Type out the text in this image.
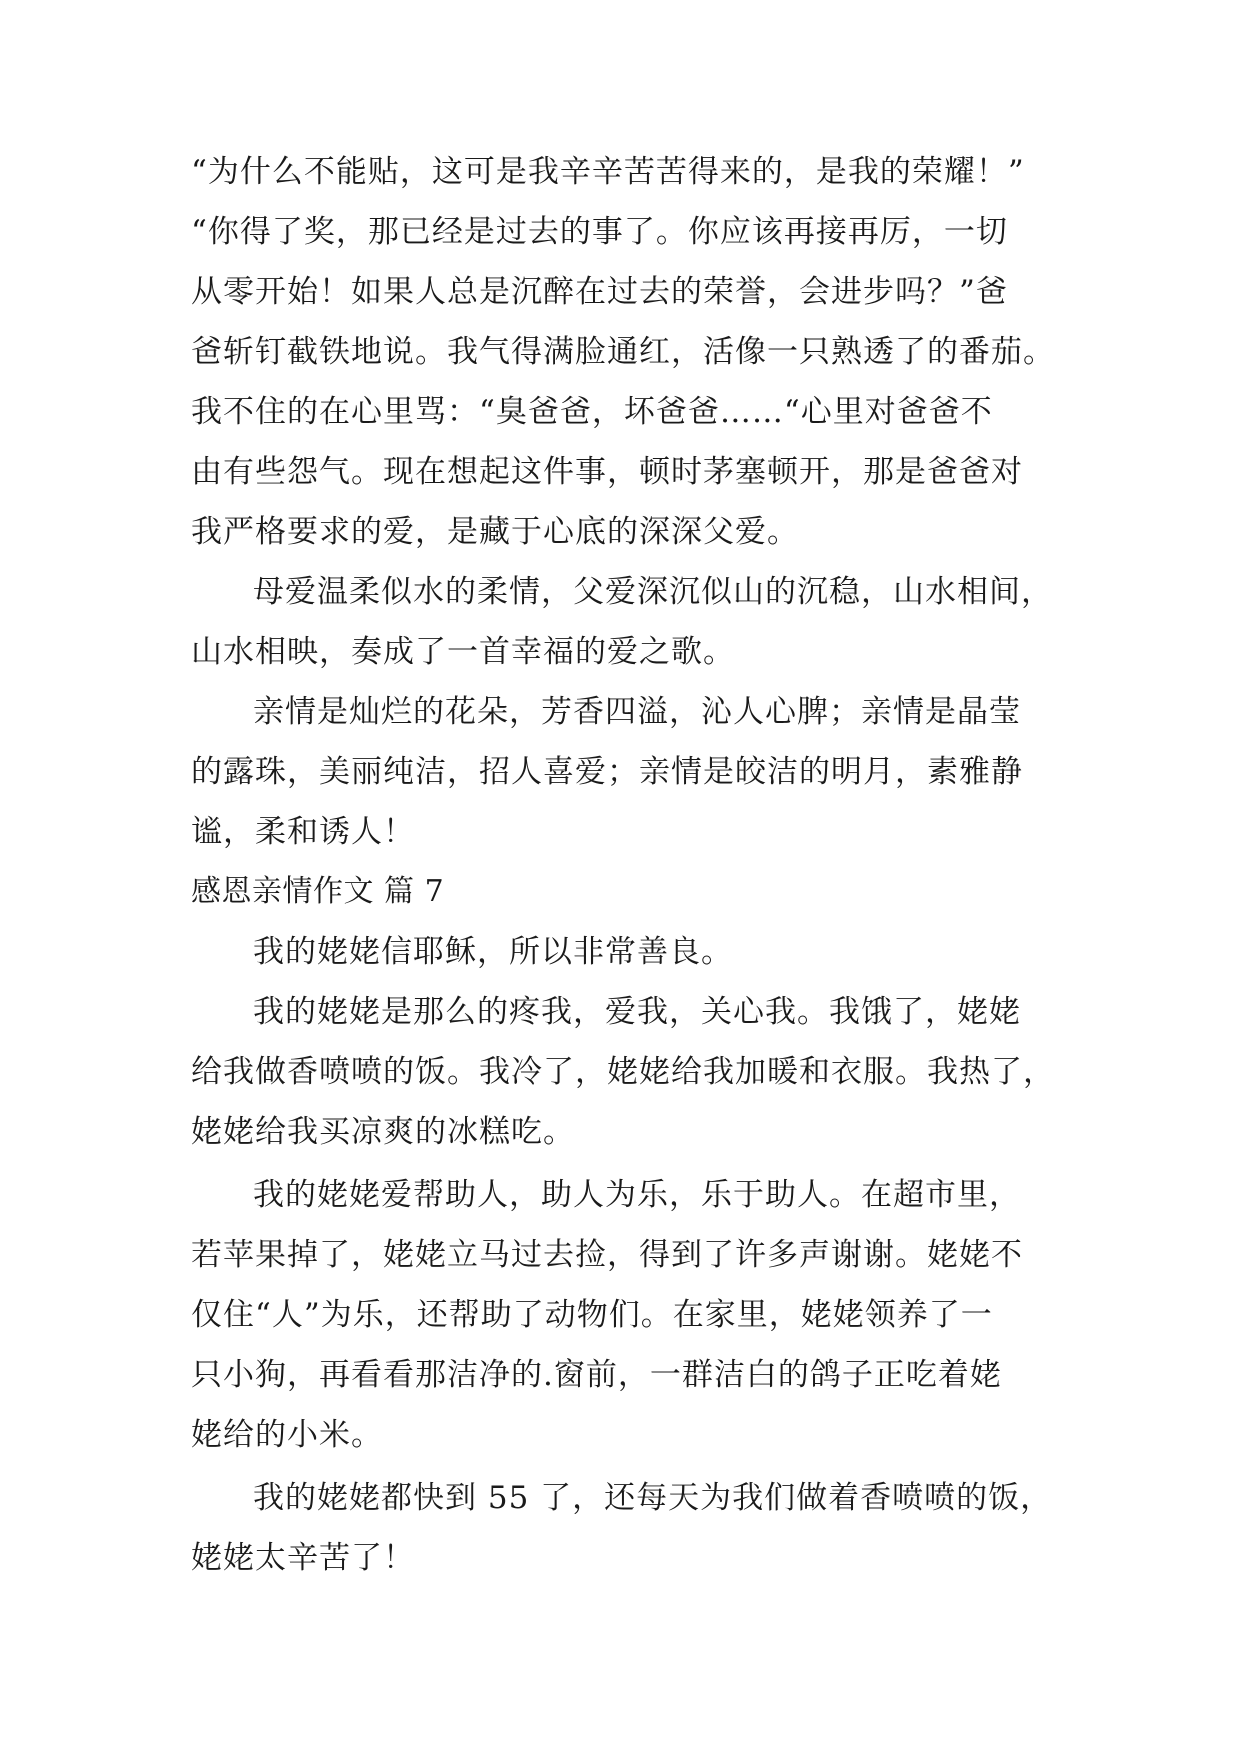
“为什么不能贴，这可是我辛辛苦苦得来的，是我的荣耀！”
“你得了奖，那已经是过去的事了。你应该再接再厉，一切
从零开始！如果人总是沉醉在过去的荣誉，会进步吗？”爸
爸斩钉截铁地说。我气得满脸通红，活像一只熟透了的番茄。
我不住的在心里骂：“臭爸爸，坏爸爸……“心里对爸爸不
由有些怨气。现在想起这件事，顿时茅塞顿开，那是爸爸对
我严格要求的爱，是藏于心底的深深父爱。
母爱温柔似水的柔情，父爱深沉似山的沉稳，山水相间，
山水相映，奏成了一首幸福的爱之歌。
亲情是灿烂的花朵，芳香四溢，沁人心脾；亲情是晶莹
的露珠，美丽纯洁，招人喜爱；亲情是皎洁的明月，素雅静
谧，柔和诱人！
感恩亲情作文 篇 7
我的姥姥信耶稣，所以非常善良。
我的姥姥是那么的疼我，爱我，关心我。我饿了，姥姥
给我做香喷喷的饭。我冷了，姥姥给我加暖和衣服。我热了，
姥姥给我买凉爽的冰糕吃。
我的姥姥爱帮助人，助人为乐，乐于助人。在超市里，
若苹果掉了，姥姥立马过去捡，得到了许多声谢谢。姥姥不
仅住“人”为乐，还帮助了动物们。在家里，姥姥领养了一
只小狗，再看看那洁净的.窗前，一群洁白的鸽子正吃着姥
姥给的小米。
我的姥姥都快到 55 了，还每天为我们做着香喷喷的饭，
姥姥太辛苦了！
